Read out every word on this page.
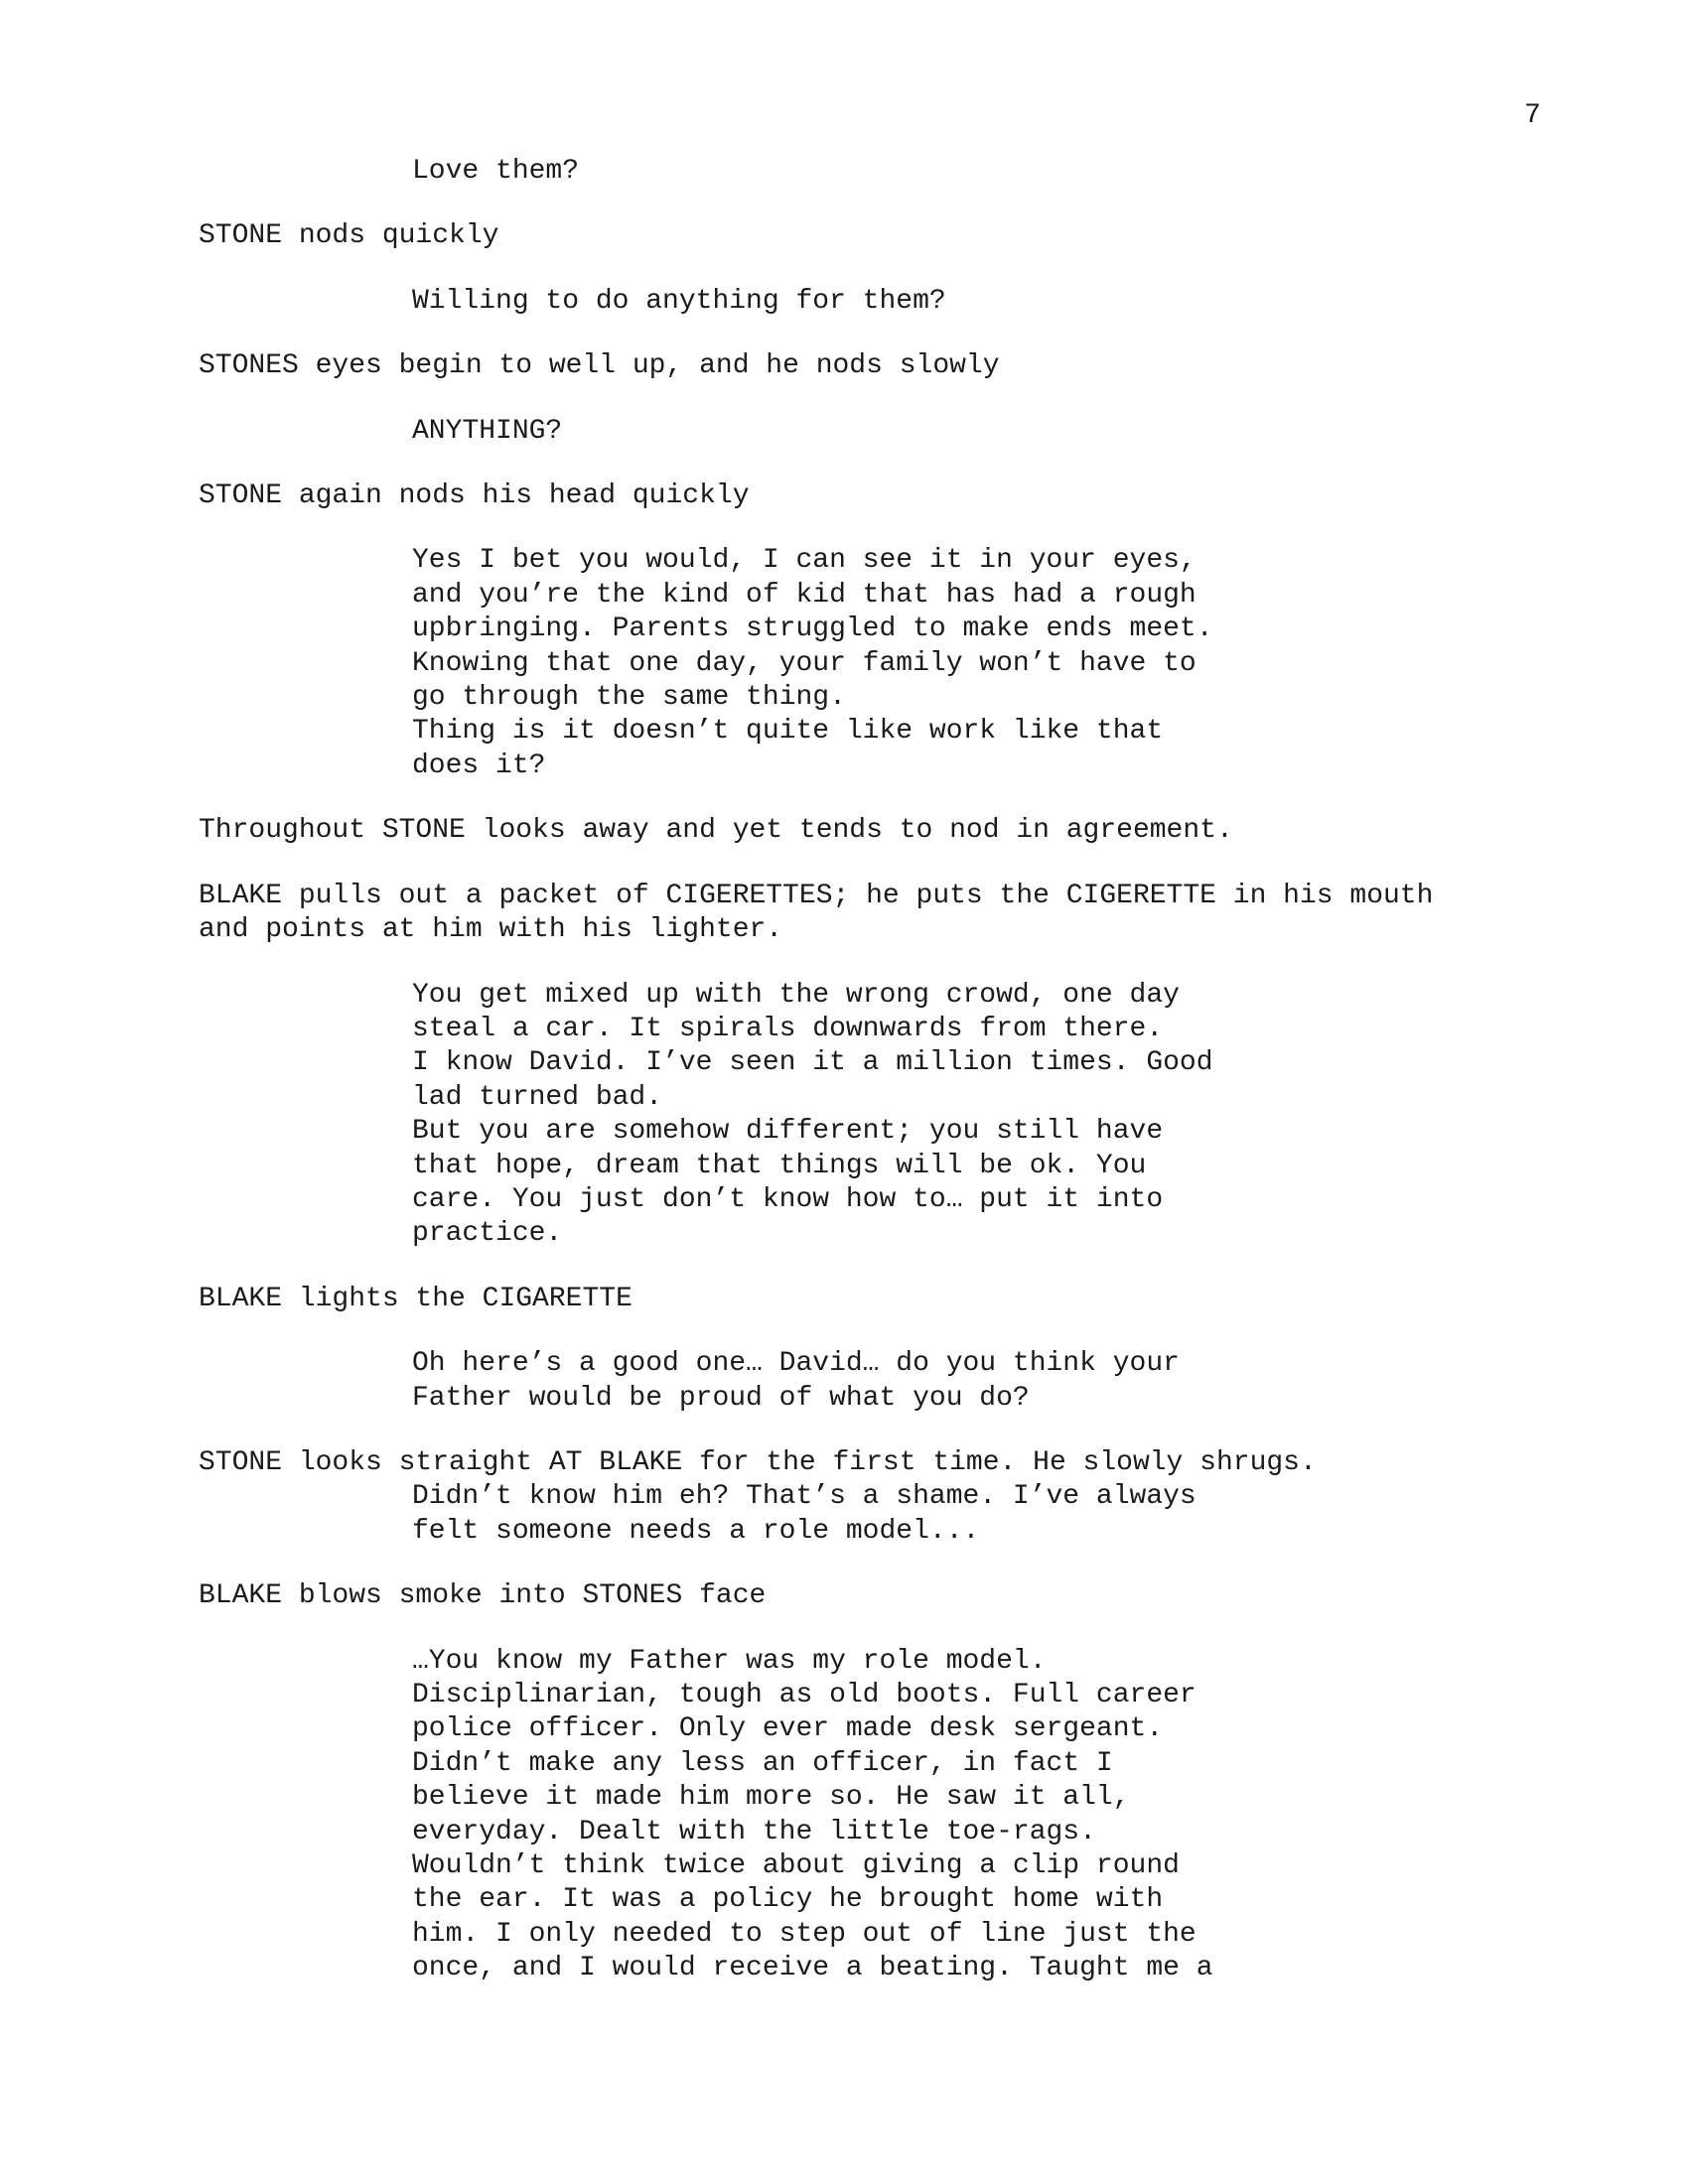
7

Love them?

STONE nods quickly

Willing to do anything for them?

STONES eyes begin to well up, and he nods slowly

ANYTHING?

STONE again nods his head quickly

Yes I bet you would, I can see it in your eyes,
and you’re the kind of kid that has had a rough
upbringing. Parents struggled to make ends meet.
Knowing that one day, your family won’t have to
go through the same thing.
Thing is it doesn’t quite like work like that
does it?

Throughout STONE looks away and yet tends to nod in agreement.

BLAKE pulls out a packet of CIGERETTES; he puts the CIGERETTE in his mouth
and points at him with his lighter.

You get mixed up with the wrong crowd, one day
steal a car. It spirals downwards from there.
I know David. I’ve seen it a million times. Good
lad turned bad.
But you are somehow different; you still have
that hope, dream that things will be ok. You
care. You just don’t know how to… put it into
practice.

BLAKE lights the CIGARETTE

Oh here’s a good one… David… do you think your
Father would be proud of what you do?

STONE looks straight AT BLAKE for the first time. He slowly shrugs.

Didn’t know him eh? That’s a shame. I’ve always
felt someone needs a role model...

BLAKE blows smoke into STONES face

…You know my Father was my role model.
Disciplinarian, tough as old boots. Full career
police officer. Only ever made desk sergeant.
Didn’t make any less an officer, in fact I
believe it made him more so. He saw it all,
everyday. Dealt with the little toe-rags.
Wouldn’t think twice about giving a clip round
the ear. It was a policy he brought home with
him. I only needed to step out of line just the
once, and I would receive a beating. Taught me a
